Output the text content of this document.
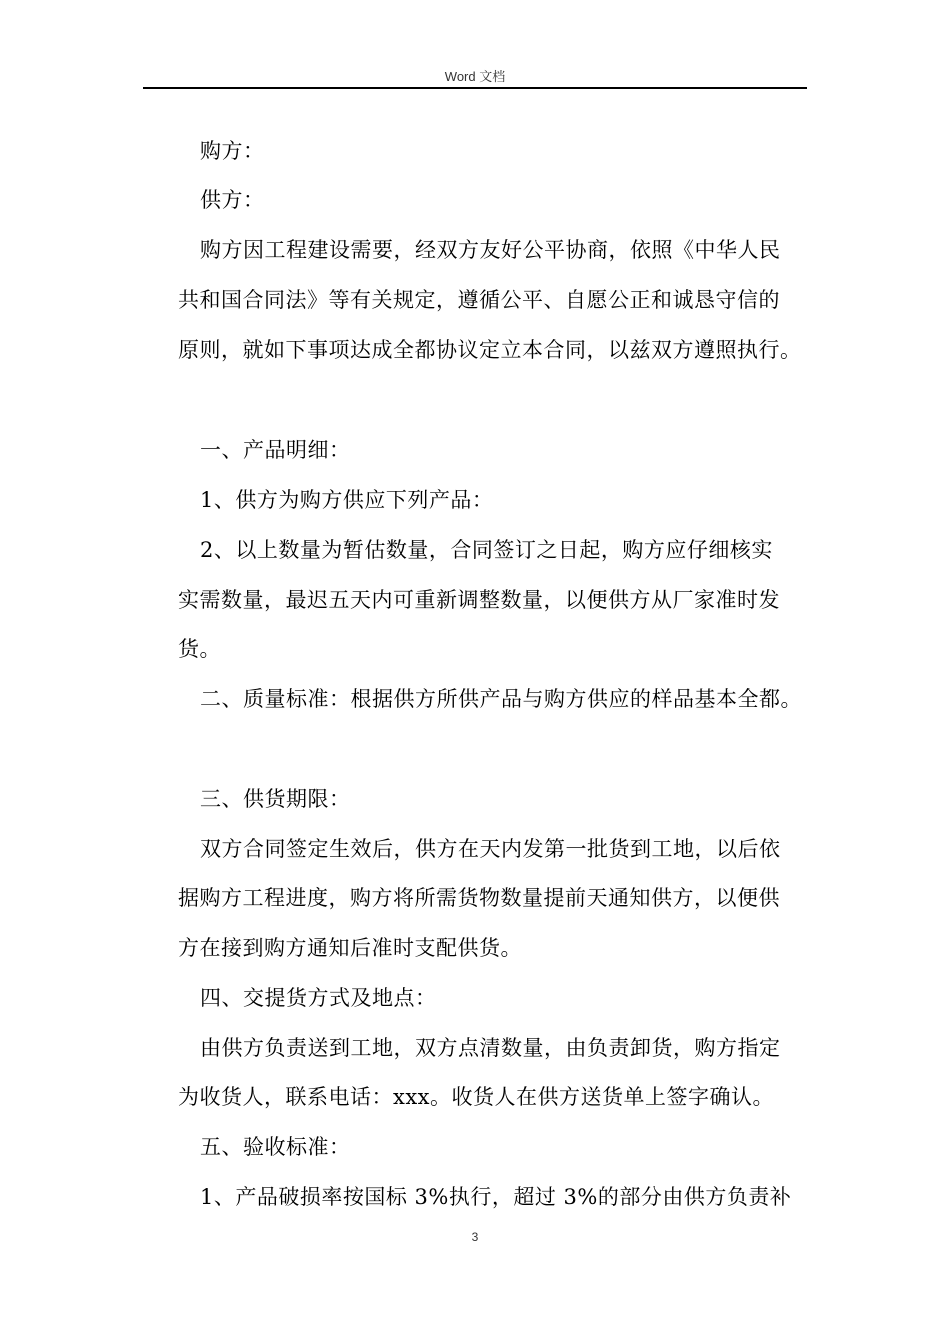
Word 文档
购方：
供方：
购方因工程建设需要，经双方友好公平协商，依照《中华人民
共和国合同法》等有关规定，遵循公平、自愿公正和诚恳守信的
原则，就如下事项达成全都协议定立本合同，以兹双方遵照执行。
一、产品明细：
1、供方为购方供应下列产品：
2、以上数量为暂估数量，合同签订之日起，购方应仔细核实
实需数量，最迟五天内可重新调整数量，以便供方从厂家准时发
货。
二、质量标准：根据供方所供产品与购方供应的样品基本全都。
三、供货期限：
双方合同签定生效后，供方在天内发第一批货到工地，以后依
据购方工程进度，购方将所需货物数量提前天通知供方，以便供
方在接到购方通知后准时支配供货。
四、交提货方式及地点：
由供方负责送到工地，双方点清数量，由负责卸货，购方指定
为收货人，联系电话：xxx。收货人在供方送货单上签字确认。
五、验收标准：
1、产品破损率按国标 3%执行，超过 3%的部分由供方负责补
3
